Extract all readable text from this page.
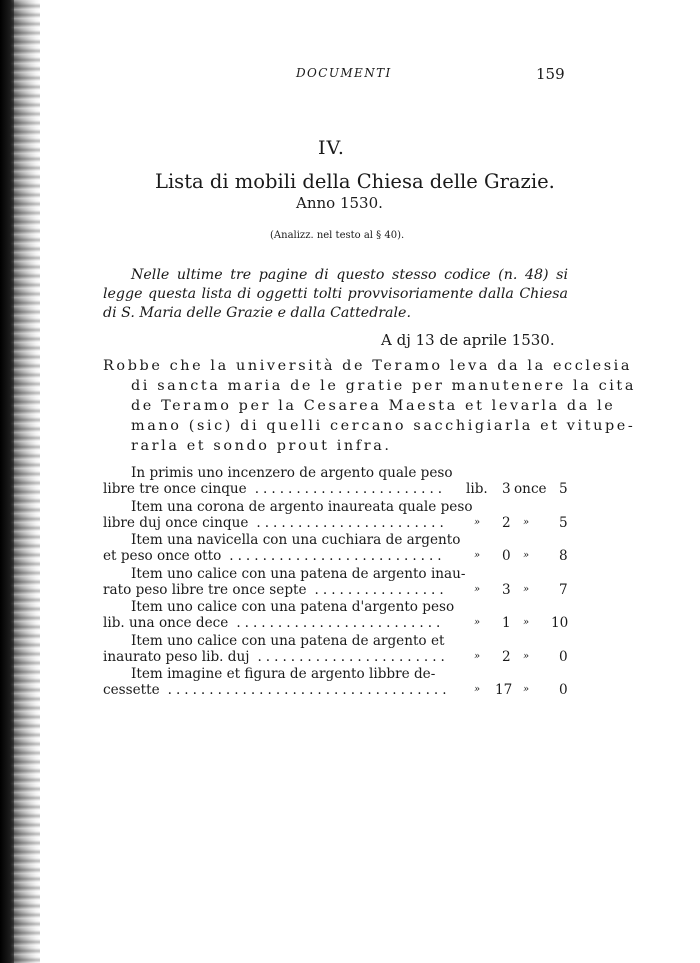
DOCUMENTI	159
IV.
Lista di mobili della Chiesa delle Grazie.
Anno 1530.
(Analizz. nel testo al § 40).

Nelle ultime tre pagine di questo stesso codice (n. 48) si legge questa lista di oggetti tolti provvisoriamente dalla Chiesa di S. Maria delle Grazie e dalla Cattedrale.

A dj 13 de aprile 1530.
Robbe che la università de Teramo leva da la ecclesia
di sancta maria de le gratie per manutenere la cita
de Teramo per la Cesarea Maesta et levarla da le
mano (sic) di quelli cercano sacchigiarla et vitupe-
rarla et sondo prout infra.
In primis uno incenzero de argento quale peso
libre tre once cinque ....................... lib. 3 once 5
Item una corona de argento inaureata quale peso
libre duj once cinque .......................	» 2 » 5
Item una navicella con una cuchiara de argento
et peso once otto ..........................	» 0 » 8
Item uno calice con una patena de argento inau-
rato peso libre tre once septe ................	» 3 » 7
Item uno calice con una patena d'argento peso
lib. una once dece .........................	» 1 » 10
Item uno calice con una patena de argento et
inaurato peso lib. duj .......................	» 2 » 0
Item imagine et figura de argento libbre de-
cessette .................................. » 17 » 0
